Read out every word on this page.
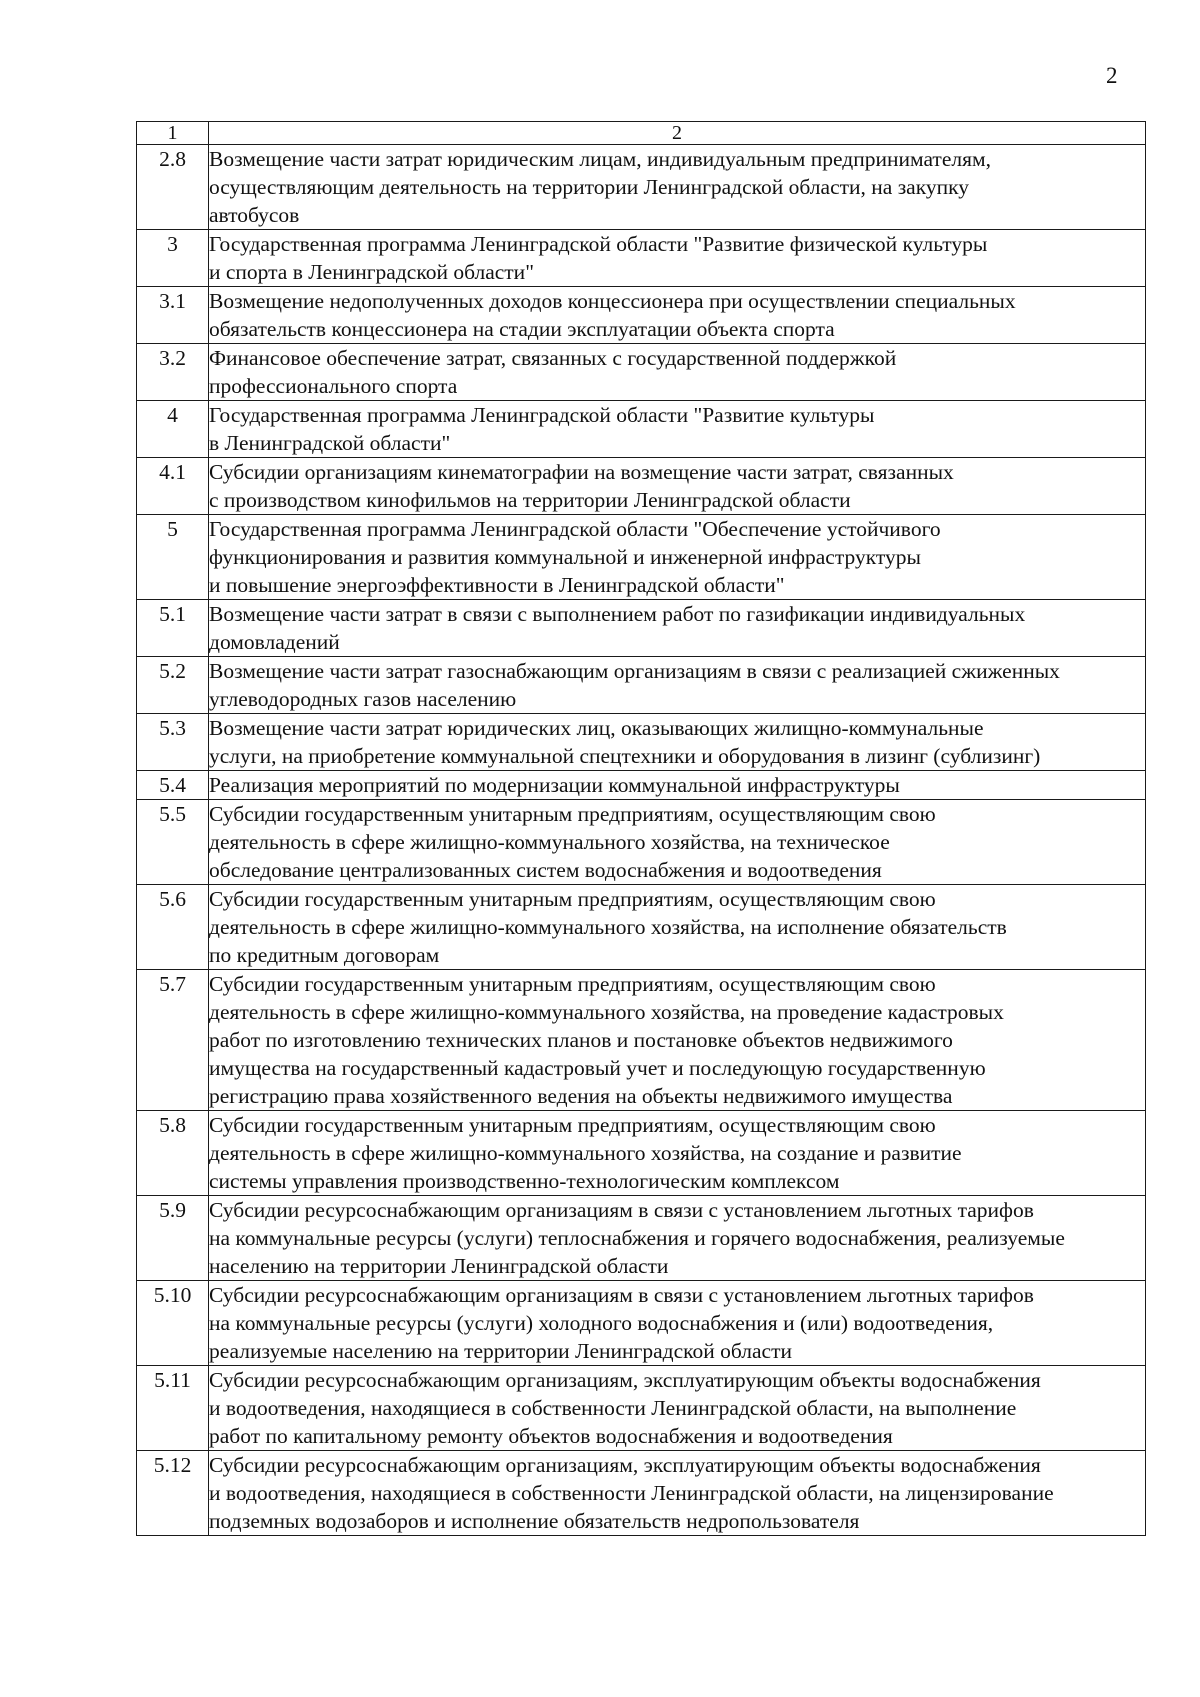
2
1	2
2.8	Возмещение части затрат юридическим лицам, индивидуальным предпринимателям,
осуществляющим деятельность на территории Ленинградской области, на закупку
автобусов
3	Государственная программа Ленинградской области "Развитие физической культуры
и спорта в Ленинградской области"
3.1	Возмещение недополученных доходов концессионера при осуществлении специальных
обязательств концессионера на стадии эксплуатации объекта спорта
3.2	Финансовое обеспечение затрат, связанных с государственной поддержкой
профессионального спорта
4	Государственная программа Ленинградской области "Развитие культуры
в Ленинградской области"
4.1	Субсидии организациям кинематографии на возмещение части затрат, связанных
с производством кинофильмов на территории Ленинградской области
5	Государственная программа Ленинградской области "Обеспечение устойчивого
функционирования и развития коммунальной и инженерной инфраструктуры
и повышение энергоэффективности в Ленинградской области"
5.1	Возмещение части затрат в связи с выполнением работ по газификации индивидуальных
домовладений
5.2	Возмещение части затрат газоснабжающим организациям в связи с реализацией сжиженных
углеводородных газов населению
5.3	Возмещение части затрат юридических лиц, оказывающих жилищно-коммунальные
услуги, на приобретение коммунальной спецтехники и оборудования в лизинг (сублизинг)
5.4	Реализация мероприятий по модернизации коммунальной инфраструктуры
5.5	Субсидии государственным унитарным предприятиям, осуществляющим свою
деятельность в сфере жилищно-коммунального хозяйства, на техническое
обследование централизованных систем водоснабжения и водоотведения
5.6	Субсидии государственным унитарным предприятиям, осуществляющим свою
деятельность в сфере жилищно-коммунального хозяйства, на исполнение обязательств
по кредитным договорам
5.7	Субсидии государственным унитарным предприятиям, осуществляющим свою
деятельность в сфере жилищно-коммунального хозяйства, на проведение кадастровых
работ по изготовлению технических планов и постановке объектов недвижимого
имущества на государственный кадастровый учет и последующую государственную
регистрацию права хозяйственного ведения на объекты недвижимого имущества
5.8	Субсидии государственным унитарным предприятиям, осуществляющим свою
деятельность в сфере жилищно-коммунального хозяйства, на создание и развитие
системы управления производственно-технологическим комплексом
5.9	Субсидии ресурсоснабжающим организациям в связи с установлением льготных тарифов
на коммунальные ресурсы (услуги) теплоснабжения и горячего водоснабжения, реализуемые
населению на территории Ленинградской области
5.10	Субсидии ресурсоснабжающим организациям в связи с установлением льготных тарифов
на коммунальные ресурсы (услуги) холодного водоснабжения и (или) водоотведения,
реализуемые населению на территории Ленинградской области
5.11	Субсидии ресурсоснабжающим организациям, эксплуатирующим объекты водоснабжения
и водоотведения, находящиеся в собственности Ленинградской области, на выполнение
работ по капитальному ремонту объектов водоснабжения и водоотведения
5.12	Субсидии ресурсоснабжающим организациям, эксплуатирующим объекты водоснабжения
и водоотведения, находящиеся в собственности Ленинградской области, на лицензирование
подземных водозаборов и исполнение обязательств недропользователя
